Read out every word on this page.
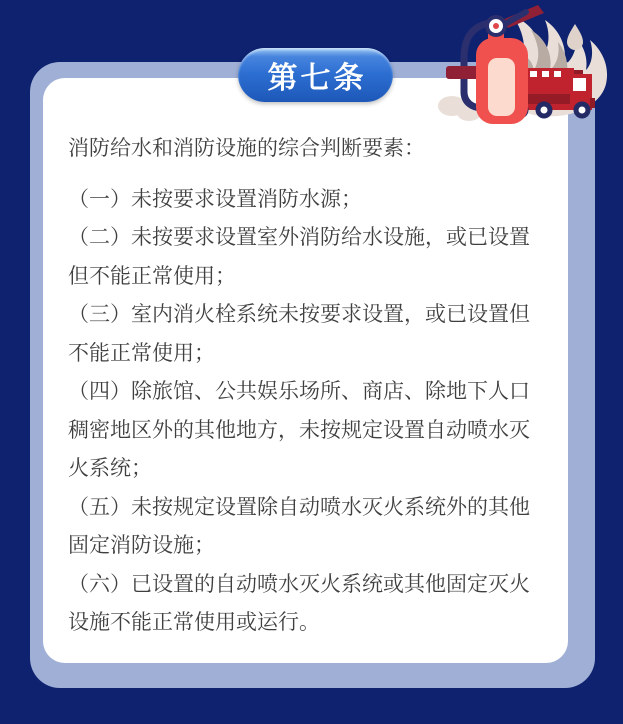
消防给水和消防设施的综合判断要素：

（一）未按要求设置消防水源；

（二）未按要求设置室外消防给水设施，或已设置但不能正常使用；

（三）室内消火栓系统未按要求设置，或已设置但不能正常使用；

（四）除旅馆、公共娱乐场所、商店、除地下人口稠密地区外的其他地方，未按规定设置自动喷水灭火系统；

（五）未按规定设置除自动喷水灭火系统外的其他固定消防设施；

（六）已设置的自动喷水灭火系统或其他固定灭火设施不能正常使用或运行。

第七条
